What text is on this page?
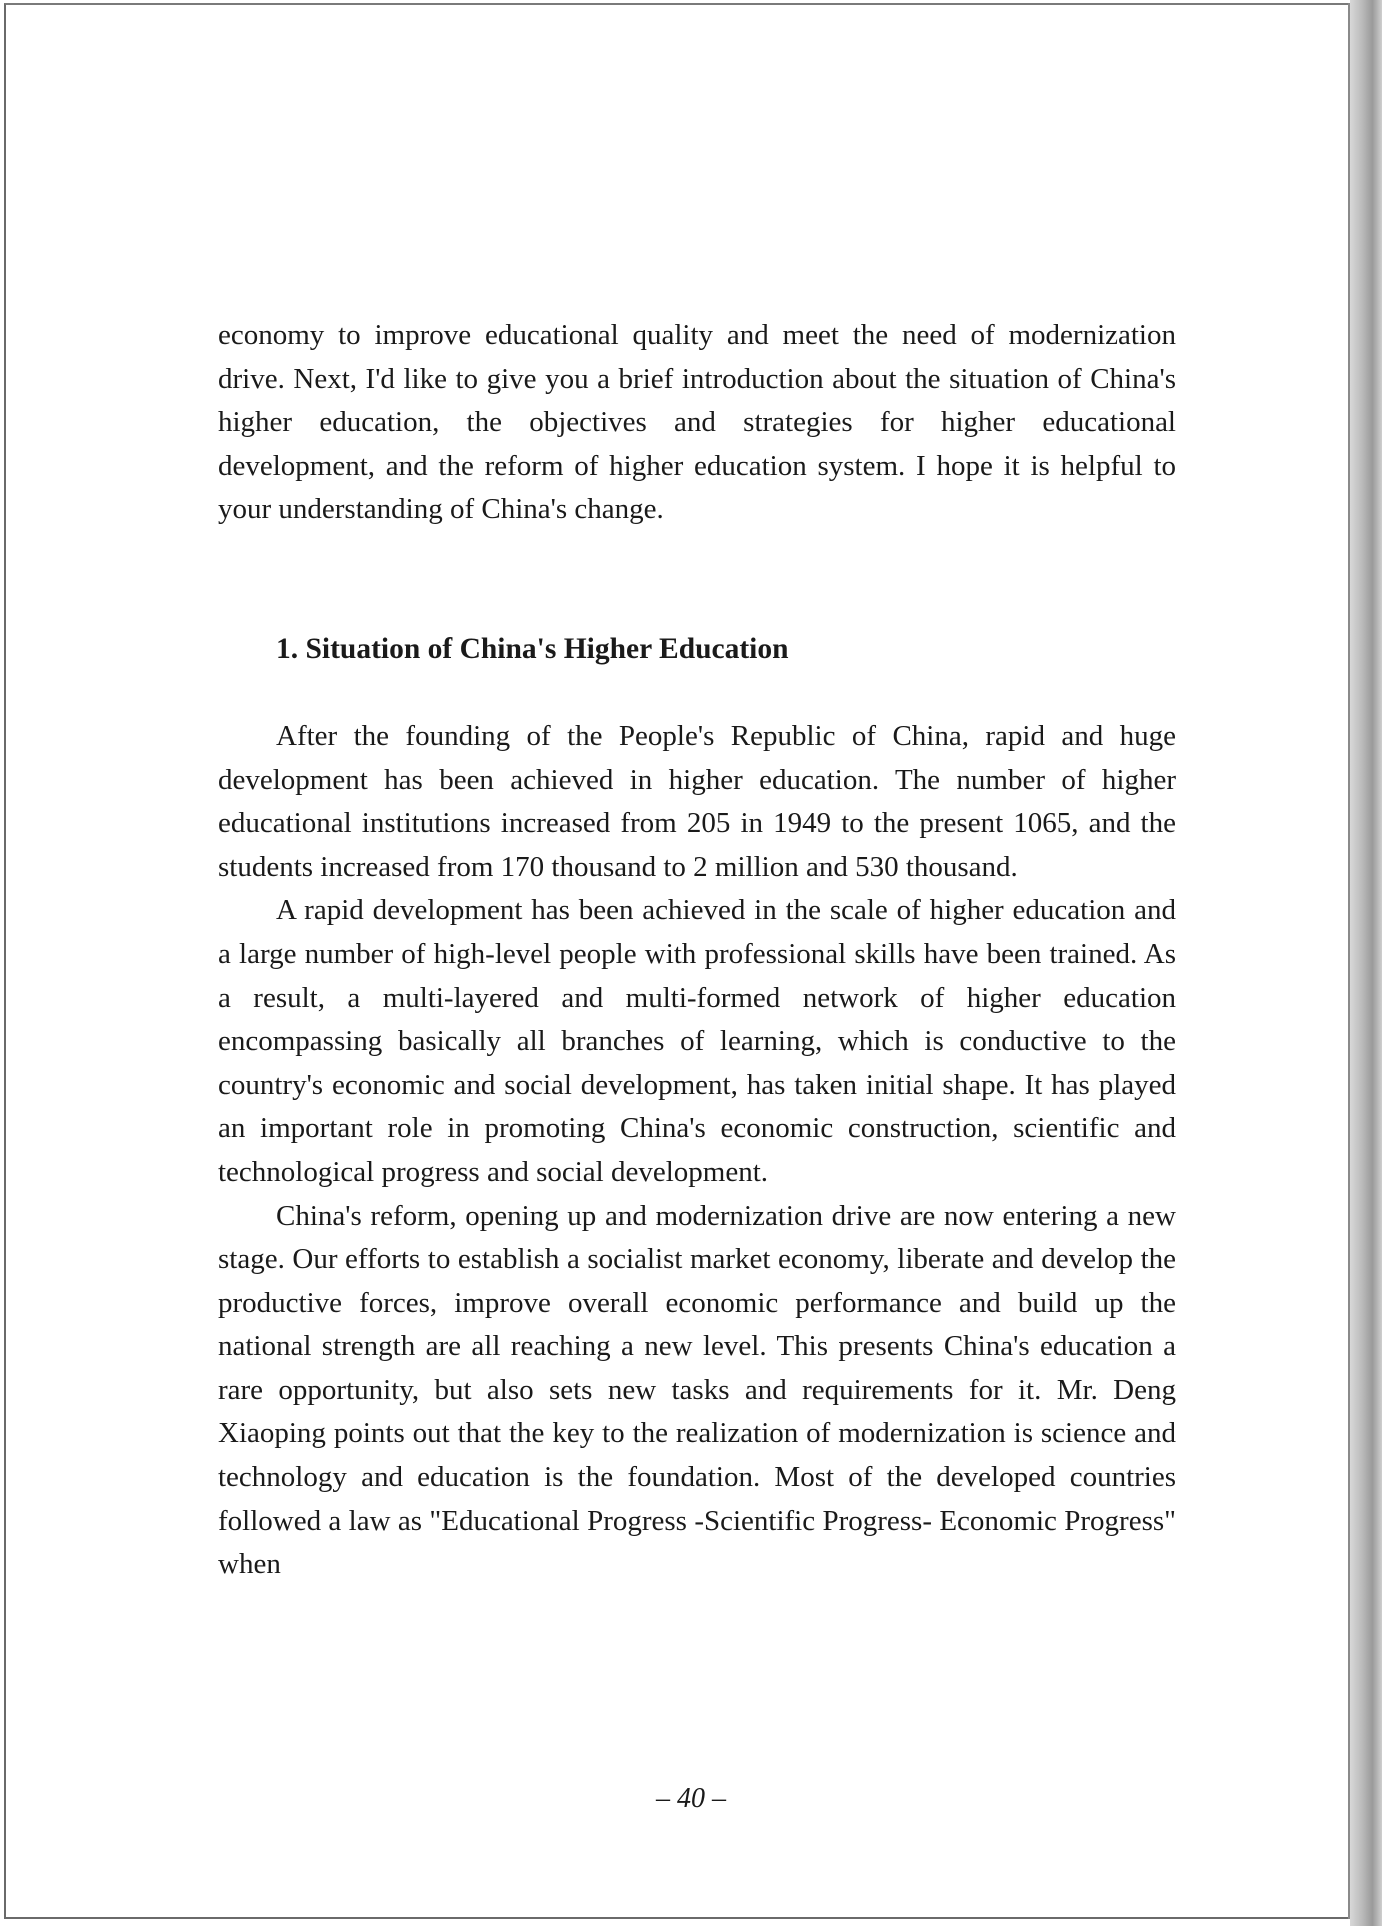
economy to improve educational quality and meet the need of modernization drive. Next, I'd like to give you a brief introduction about the situation of China's higher education, the objectives and strategies for higher educational development, and the reform of higher education system. I hope it is helpful to your understanding of China's change.

1. Situation of China's Higher Education

After the founding of the People's Republic of China, rapid and huge development has been achieved in higher education. The number of higher educational institutions increased from 205 in 1949 to the present 1065, and the students increased from 170 thousand to 2 million and 530 thousand.

A rapid development has been achieved in the scale of higher education and a large number of high-level people with professional skills have been trained. As a result, a multi-layered and multi-formed network of higher education encompassing basically all branches of learning, which is conductive to the country's economic and social development, has taken initial shape. It has played an important role in promoting China's economic construction, scientific and technological progress and social development.

China's reform, opening up and modernization drive are now entering a new stage. Our efforts to establish a socialist market economy, liberate and develop the productive forces, improve overall economic performance and build up the national strength are all reaching a new level. This presents China's education a rare opportunity, but also sets new tasks and requirements for it. Mr. Deng Xiaoping points out that the key to the realization of modernization is science and technology and education is the foundation. Most of the developed countries followed a law as "Educational Progress -Scientific Progress- Economic Progress" when

– 40 –
